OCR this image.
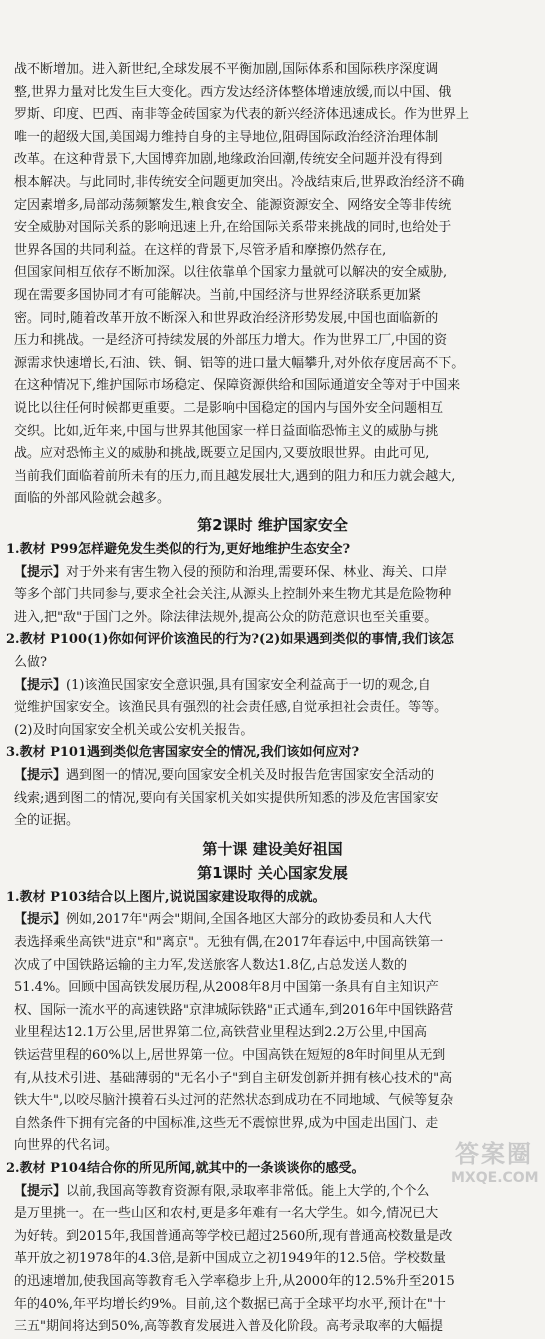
战不断增加。进入新世纪,全球发展不平衡加剧,国际体系和国际秩序深度调
整,世界力量对比发生巨大变化。西方发达经济体整体增速放缓,而以中国、俄
罗斯、印度、巴西、南非等金砖国家为代表的新兴经济体迅速成长。作为世界上
唯一的超级大国,美国竭力维持自身的主导地位,阻碍国际政治经济治理体制
改革。在这种背景下,大国博弈加剧,地缘政治回潮,传统安全问题并没有得到
根本解决。与此同时,非传统安全问题更加突出。冷战结束后,世界政治经济不确
定因素增多,局部动荡频繁发生,粮食安全、能源资源安全、网络安全等非传统
安全威胁对国际关系的影响迅速上升,在给国际关系带来挑战的同时,也给处于
世界各国的共同利益。在这样的背景下,尽管矛盾和摩擦仍然存在,
但国家间相互依存不断加深。以往依靠单个国家力量就可以解决的安全威胁,
现在需要多国协同才有可能解决。当前,中国经济与世界经济联系更加紧
密。同时,随着改革开放不断深入和世界政治经济形势发展,中国也面临新的
压力和挑战。一是经济可持续发展的外部压力增大。作为世界工厂,中国的资
源需求快速增长,石油、铁、铜、铝等的进口量大幅攀升,对外依存度居高不下。
在这种情况下,维护国际市场稳定、保障资源供给和国际通道安全等对于中国来
说比以往任何时候都更重要。二是影响中国稳定的国内与国外安全问题相互
交织。比如,近年来,中国与世界其他国家一样日益面临恐怖主义的威胁与挑
战。应对恐怖主义的威胁和挑战,既要立足国内,又要放眼世界。由此可见,
当前我们面临着前所未有的压力,而且越发展壮大,遇到的阻力和压力就会越大,
面临的外部风险就会越多。
第2课时 维护国家安全
1.教材 P99怎样避免发生类似的行为,更好地维护生态安全?
【提示】对于外来有害生物入侵的预防和治理,需要环保、林业、海关、口岸
等多个部门共同参与,要求全社会关注,从源头上控制外来生物尤其是危险物种
进入,把"敌"于国门之外。除法律法规外,提高公众的防范意识也至关重要。
2.教材 P100(1)你如何评价该渔民的行为?(2)如果遇到类似的事情,我们该怎
么做?
【提示】(1)该渔民国家安全意识强,具有国家安全利益高于一切的观念,自
觉维护国家安全。该渔民具有强烈的社会责任感,自觉承担社会责任。等等。
(2)及时向国家安全机关或公安机关报告。
3.教材 P101遇到类似危害国家安全的情况,我们该如何应对?
【提示】遇到图一的情况,要向国家安全机关及时报告危害国家安全活动的
线索;遇到图二的情况,要向有关国家机关如实提供所知悉的涉及危害国家安
全的证据。
第十课 建设美好祖国
第1课时 关心国家发展
1.教材 P103结合以上图片,说说国家建设取得的成就。
【提示】例如,2017年"两会"期间,全国各地区大部分的政协委员和人大代
表选择乘坐高铁"进京"和"离京"。无独有偶,在2017年春运中,中国高铁第一
次成了中国铁路运输的主力军,发送旅客人数达1.8亿,占总发送人数的
51.4%。回顾中国高铁发展历程,从2008年8月中国第一条具有自主知识产
权、国际一流水平的高速铁路"京津城际铁路"正式通车,到2016年中国铁路营
业里程达12.1万公里,居世界第二位,高铁营业里程达到2.2万公里,中国高
铁运营里程的60%以上,居世界第一位。中国高铁在短短的8年时间里从无到
有,从技术引进、基础薄弱的"无名小子"到自主研发创新并拥有核心技术的"高
铁大牛",以咬尽脑汁摸着石头过河的茫然状态到成功在不同地域、气候等复杂
自然条件下拥有完备的中国标准,这些无不震惊世界,成为中国走出国门、走
向世界的代名词。
2.教材 P104结合你的所见所闻,就其中的一条谈谈你的感受。
【提示】以前,我国高等教育资源有限,录取率非常低。能上大学的,个个么
是万里挑一。在一些山区和农村,更是多年难有一名大学生。如今,情况已大
为好转。到2015年,我国普通高等学校已超过2560所,现有普通高校数量是改
革开放之初1978年的4.3倍,是新中国成立之初1949年的12.5倍。学校数量
的迅速增加,使我国高等教育毛入学率稳步上升,从2000年的12.5%升至2015
年的40%,年平均增长约9%。目前,这个数据已高于全球平均水平,预计在"十
三五"期间将达到50%,高等教育发展进入普及化阶段。高考录取率的大幅提
答案圈
MXQE.COM
